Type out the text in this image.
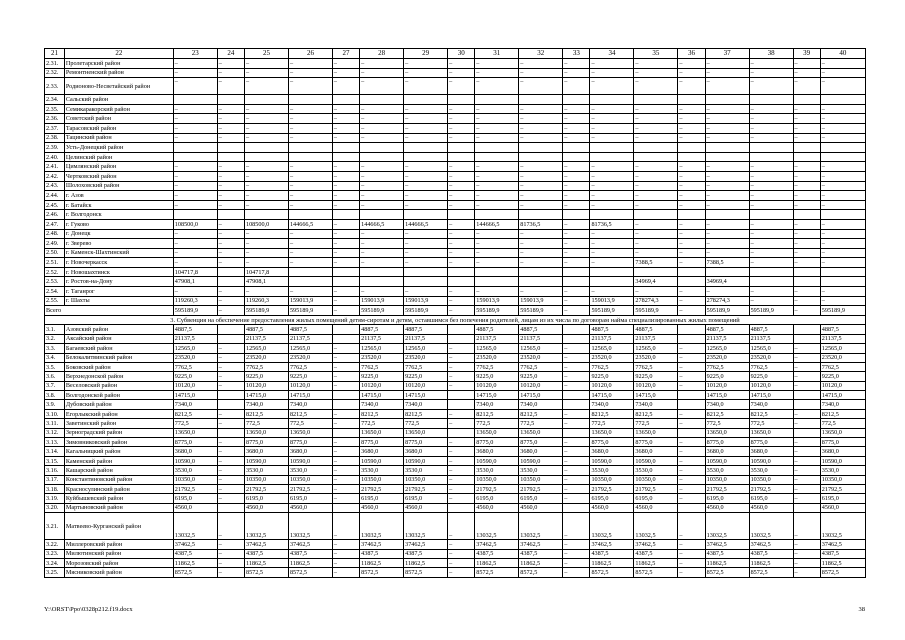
21	22	23	24	25	26	27	28	29	30	31	32	33	34	35	36	37	38	39	40
2.31.	Пролетарский район	–	–	–	–	–	–	–	–	–	–	–	–	–	–	–	–	–	–
2.32.	Ремонтненский район	–	–	–	–	–	–	–	–	–	–	–	–	–	–	–	–	–	–
2.33.	Родионово-Несветайский район	–	–	–	–	–	–	–	–	–	–	–	–	–	–	–	–	–	–
2.34.	Сальский район																		
2.35.	Семикаракорский район	–	–	–	–	–	–	–	–	–	–	–	–	–	–	–	–	–	–
2.36.	Советский район	–	–	–	–	–	–	–	–	–	–	–	–	–	–	–	–	–	–
2.37.	Тарасовский район	–	–	–	–	–	–	–	–	–	–	–	–	–	–	–	–	–	–
2.38.	Тацинский район	–	–	–	–	–	–	–	–	–	–	–	–	–	–	–	–	–	–
2.39.	Усть-Донецкий район																		
2.40.	Целинский район																		
2.41.	Цимлянский район	–	–	–	–	–	–	–	–	–	–	–	–	–	–	–	–	–	–
2.42.	Чертковский район	–	–	–	–	–	–	–	–	–	–	–	–	–	–	–	–	–	–
2.43.	Шолоховский район	–	–	–	–	–	–	–	–	–	–	–	–	–	–	–	–	–	–
2.44.	г. Азов	–	–	–	–	–	–	–	–	–	–	–	–	–	–	–	–	–	–
2.45.	г. Батайск	–	–	–	–	–	–	–	–	–	–	–	–	–	–	–	–	–	–
2.46.	г. Волгодонск																		
2.47.	г. Гуково	108500,0	–	108500,0	144666,5	–	144666,5	144666,5	–	144666,5	81736,5	–	81736,5	–	–	–	–	–	–
2.48.	г. Донецк	–	–	–	–	–	–	–	–	–	–	–	–	–	–	–	–	–	–
2.49.	г. Зверево	–	–	–	–	–	–	–	–	–	–	–	–	–	–	–	–	–	–
2.50.	г. Каменск-Шахтинский	–	–	–	–	–	–	–	–	–	–	–	–	–	–	–	–	–	–
2.51.	г. Новочеркасск	–	–	–	–	–	–	–	–	–	–	–	–	7388,5	–	7388,5	–	–	–
2.52.	г. Новошахтинск	104717,8		104717,8															
2.53.	г. Ростов-на-Дону	47908,1		47908,1										34969,4		34969,4			
2.54.	г. Таганрог	–	–	–	–	–	–	–	–	–	–	–	–	–	–	–	–	–	–
2.55.	г. Шахты	119260,3	–	119260,3	159013,9	–	159013,9	159013,9	–	159013,9	159013,9	–	159013,9	278274,3	–	278274,3	–	–	–
Всего		595189,9	–	595189,9	595189,9	–	595189,9	595189,9	–	595189,9	595189,9	–	595189,9	595189,9	–	595189,9	595189,9	–	595189,9
3. Субвенция на обеспечение предоставления жилых помещений детям-сиротам и детям, оставшимся без попечения родителей, лицам из их числа по договорам найма специализированных жилых помещений																			
3.1.	Азовский район	4887,5		4887,5	4887,5		4887,5	4887,5		4887,5	4887,5		4887,5	4887,5		4887,5	4887,5		4887,5
3.2.	Аксайский район	21137,5		21137,5	21137,5		21137,5	21137,5		21137,5	21137,5		21137,5	21137,5		21137,5	21137,5		21137,5
3.3.	Багаевский район	12565,0	–	12565,0	12565,0	–	12565,0	12565,0	–	12565,0	12565,0	–	12565,0	12565,0	–	12565,0	12565,0	–	12565,0
3.4.	Белокалитвинский район	23520,0	–	23520,0	23520,0	–	23520,0	23520,0	–	23520,0	23520,0	–	23520,0	23520,0	–	23520,0	23520,0	–	23520,0
3.5.	Боковский район	7762,5	–	7762,5	7762,5	–	7762,5	7762,5	–	7762,5	7762,5	–	7762,5	7762,5	–	7762,5	7762,5	–	7762,5
3.6.	Верхнедонской район	9225,0	–	9225,0	9225,0	–	9225,0	9225,0	–	9225,0	9225,0	–	9225,0	9225,0	–	9225,0	9225,0	–	9225,0
3.7.	Веселовский район	10120,0	–	10120,0	10120,0	–	10120,0	10120,0	–	10120,0	10120,0	–	10120,0	10120,0	–	10120,0	10120,0	–	10120,0
3.8.	Волгодонской район	14715,0		14715,0	14715,0		14715,0	14715,0		14715,0	14715,0		14715,0	14715,0		14715,0	14715,0		14715,0
3.9.	Дубовский район	7340,0		7340,0	7340,0		7340,0	7340,0		7340,0	7340,0		7340,0	7340,0		7340,0	7340,0		7340,0
3.10.	Егорлыкский район	8212,5	–	8212,5	8212,5	–	8212,5	8212,5	–	8212,5	8212,5	–	8212,5	8212,5	–	8212,5	8212,5	–	8212,5
3.11.	Заветинский район	772,5	–	772,5	772,5	–	772,5	772,5	–	772,5	772,5	–	772,5	772,5	–	772,5	772,5	–	772,5
3.12.	Зерноградский район	13650,0		13650,0	13650,0		13650,0	13650,0		13650,0	13650,0		13650,0	13650,0		13650,0	13650,0		13650,0
3.13.	Зимовниковский район	8775,0	–	8775,0	8775,0	–	8775,0	8775,0	–	8775,0	8775,0	–	8775,0	8775,0	–	8775,0	8775,0	–	8775,0
3.14.	Кагальницкий район	3680,0	–	3680,0	3680,0	–	3680,0	3680,0	–	3680,0	3680,0	–	3680,0	3680,0	–	3680,0	3680,0	–	3680,0
3.15.	Каменский район	10590,0	–	10590,0	10590,0	–	10590,0	10590,0	–	10590,0	10590,0	–	10590,0	10590,0	–	10590,0	10590,0	–	10590,0
3.16.	Кашарский район	3530,0	–	3530,0	3530,0	–	3530,0	3530,0	–	3530,0	3530,0	–	3530,0	3530,0	–	3530,0	3530,0	–	3530,0
3.17.	Константиновский район	10350,0	–	10350,0	10350,0	–	10350,0	10350,0	–	10350,0	10350,0	–	10350,0	10350,0	–	10350,0	10350,0	–	10350,0
3.18.	Красносулинский район	21792,5	–	21792,5	21792,5	–	21792,5	21792,5	–	21792,5	21792,5	–	21792,5	21792,5	–	21792,5	21792,5	–	21792,5
3.19.	Куйбышевский район	6195,0	–	6195,0	6195,0	–	6195,0	6195,0	–	6195,0	6195,0	–	6195,0	6195,0	–	6195,0	6195,0	–	6195,0
3.20.	Мартыновский район	4560,0		4560,0	4560,0		4560,0	4560,0		4560,0	4560,0		4560,0	4560,0		4560,0	4560,0		4560,0
3.21.	Матвеево-Курганский район	13032,5	–	13032,5	13032,5	–	13032,5	13032,5	–	13032,5	13032,5	–	13032,5	13032,5	–	13032,5	13032,5	–	13032,5
3.22.	Миллеровский район	37462,5	–	37462,5	37462,5	–	37462,5	37462,5	–	37462,5	37462,5	–	37462,5	37462,5	–	37462,5	37462,5	–	37462,5
3.23.	Милютинский район	4387,5	–	4387,5	4387,5	–	4387,5	4387,5	–	4387,5	4387,5	–	4387,5	4387,5	–	4387,5	4387,5	–	4387,5
3.24.	Морозовский район	11862,5	–	11862,5	11862,5	–	11862,5	11862,5	–	11862,5	11862,5	–	11862,5	11862,5	–	11862,5	11862,5	–	11862,5
3.25.	Мясниковский район	8572,5	–	8572,5	8572,5	–	8572,5	8572,5	–	8572,5	8572,5	–	8572,5	8572,5	–	8572,5	8572,5	–	8572,5
Y:\ORST\Ppo\0328p212.f19.docx	38
